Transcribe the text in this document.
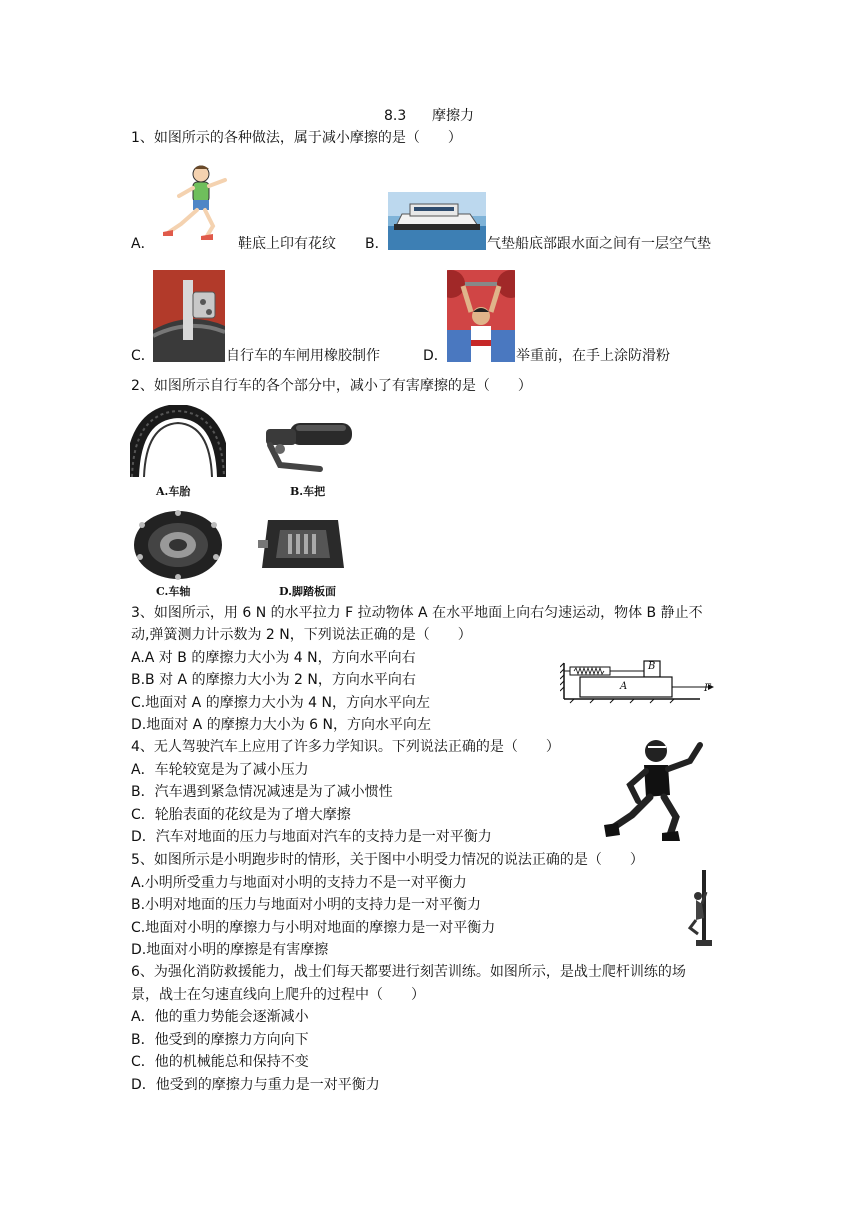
8.3 摩擦力
1、如图所示的各种做法，属于减小摩擦的是（　　）
A．	鞋底上印有花纹 B．	气垫船底部跟水面之间有一层空气垫
C．	自行车的车闸用橡胶制作	D．	举重前，在手上涂防滑粉
2、如图所示自行车的各个部分中，减小了有害摩擦的是（　　）
A.车胎	B.车把
C.车轴	D.脚踏板面
3、如图所示，用 6 N 的水平拉力 F 拉动物体 A 在水平地面上向右匀速运动，物体 B 静止不
动,弹簧测力计示数为 2 N，下列说法正确的是（　　）
A.A 对 B 的摩擦力大小为 4 N，方向水平向右
B.B 对 A 的摩擦力大小为 2 N，方向水平向右
C.地面对 A 的摩擦力大小为 4 N，方向水平向左
D.地面对 A 的摩擦力大小为 6 N，方向水平向左
B
A	F
4、无人驾驶汽车上应用了许多力学知识。下列说法正确的是（　　）
A．车轮较宽是为了减小压力
B．汽车遇到紧急情况减速是为了减小惯性
C．轮胎表面的花纹是为了增大摩擦
D．汽车对地面的压力与地面对汽车的支持力是一对平衡力
5、如图所示是小明跑步时的情形，关于图中小明受力情况的说法正确的是（　　）
A.小明所受重力与地面对小明的支持力不是一对平衡力
B.小明对地面的压力与地面对小明的支持力是一对平衡力
C.地面对小明的摩擦力与小明对地面的摩擦力是一对平衡力
D.地面对小明的摩擦是有害摩擦
6、为强化消防救援能力，战士们每天都要进行刻苦训练。如图所示，是战士爬杆训练的场
景，战士在匀速直线向上爬升的过程中（　　）
A．他的重力势能会逐渐减小
B．他受到的摩擦力方向向下
C．他的机械能总和保持不变
D．他受到的摩擦力与重力是一对平衡力
